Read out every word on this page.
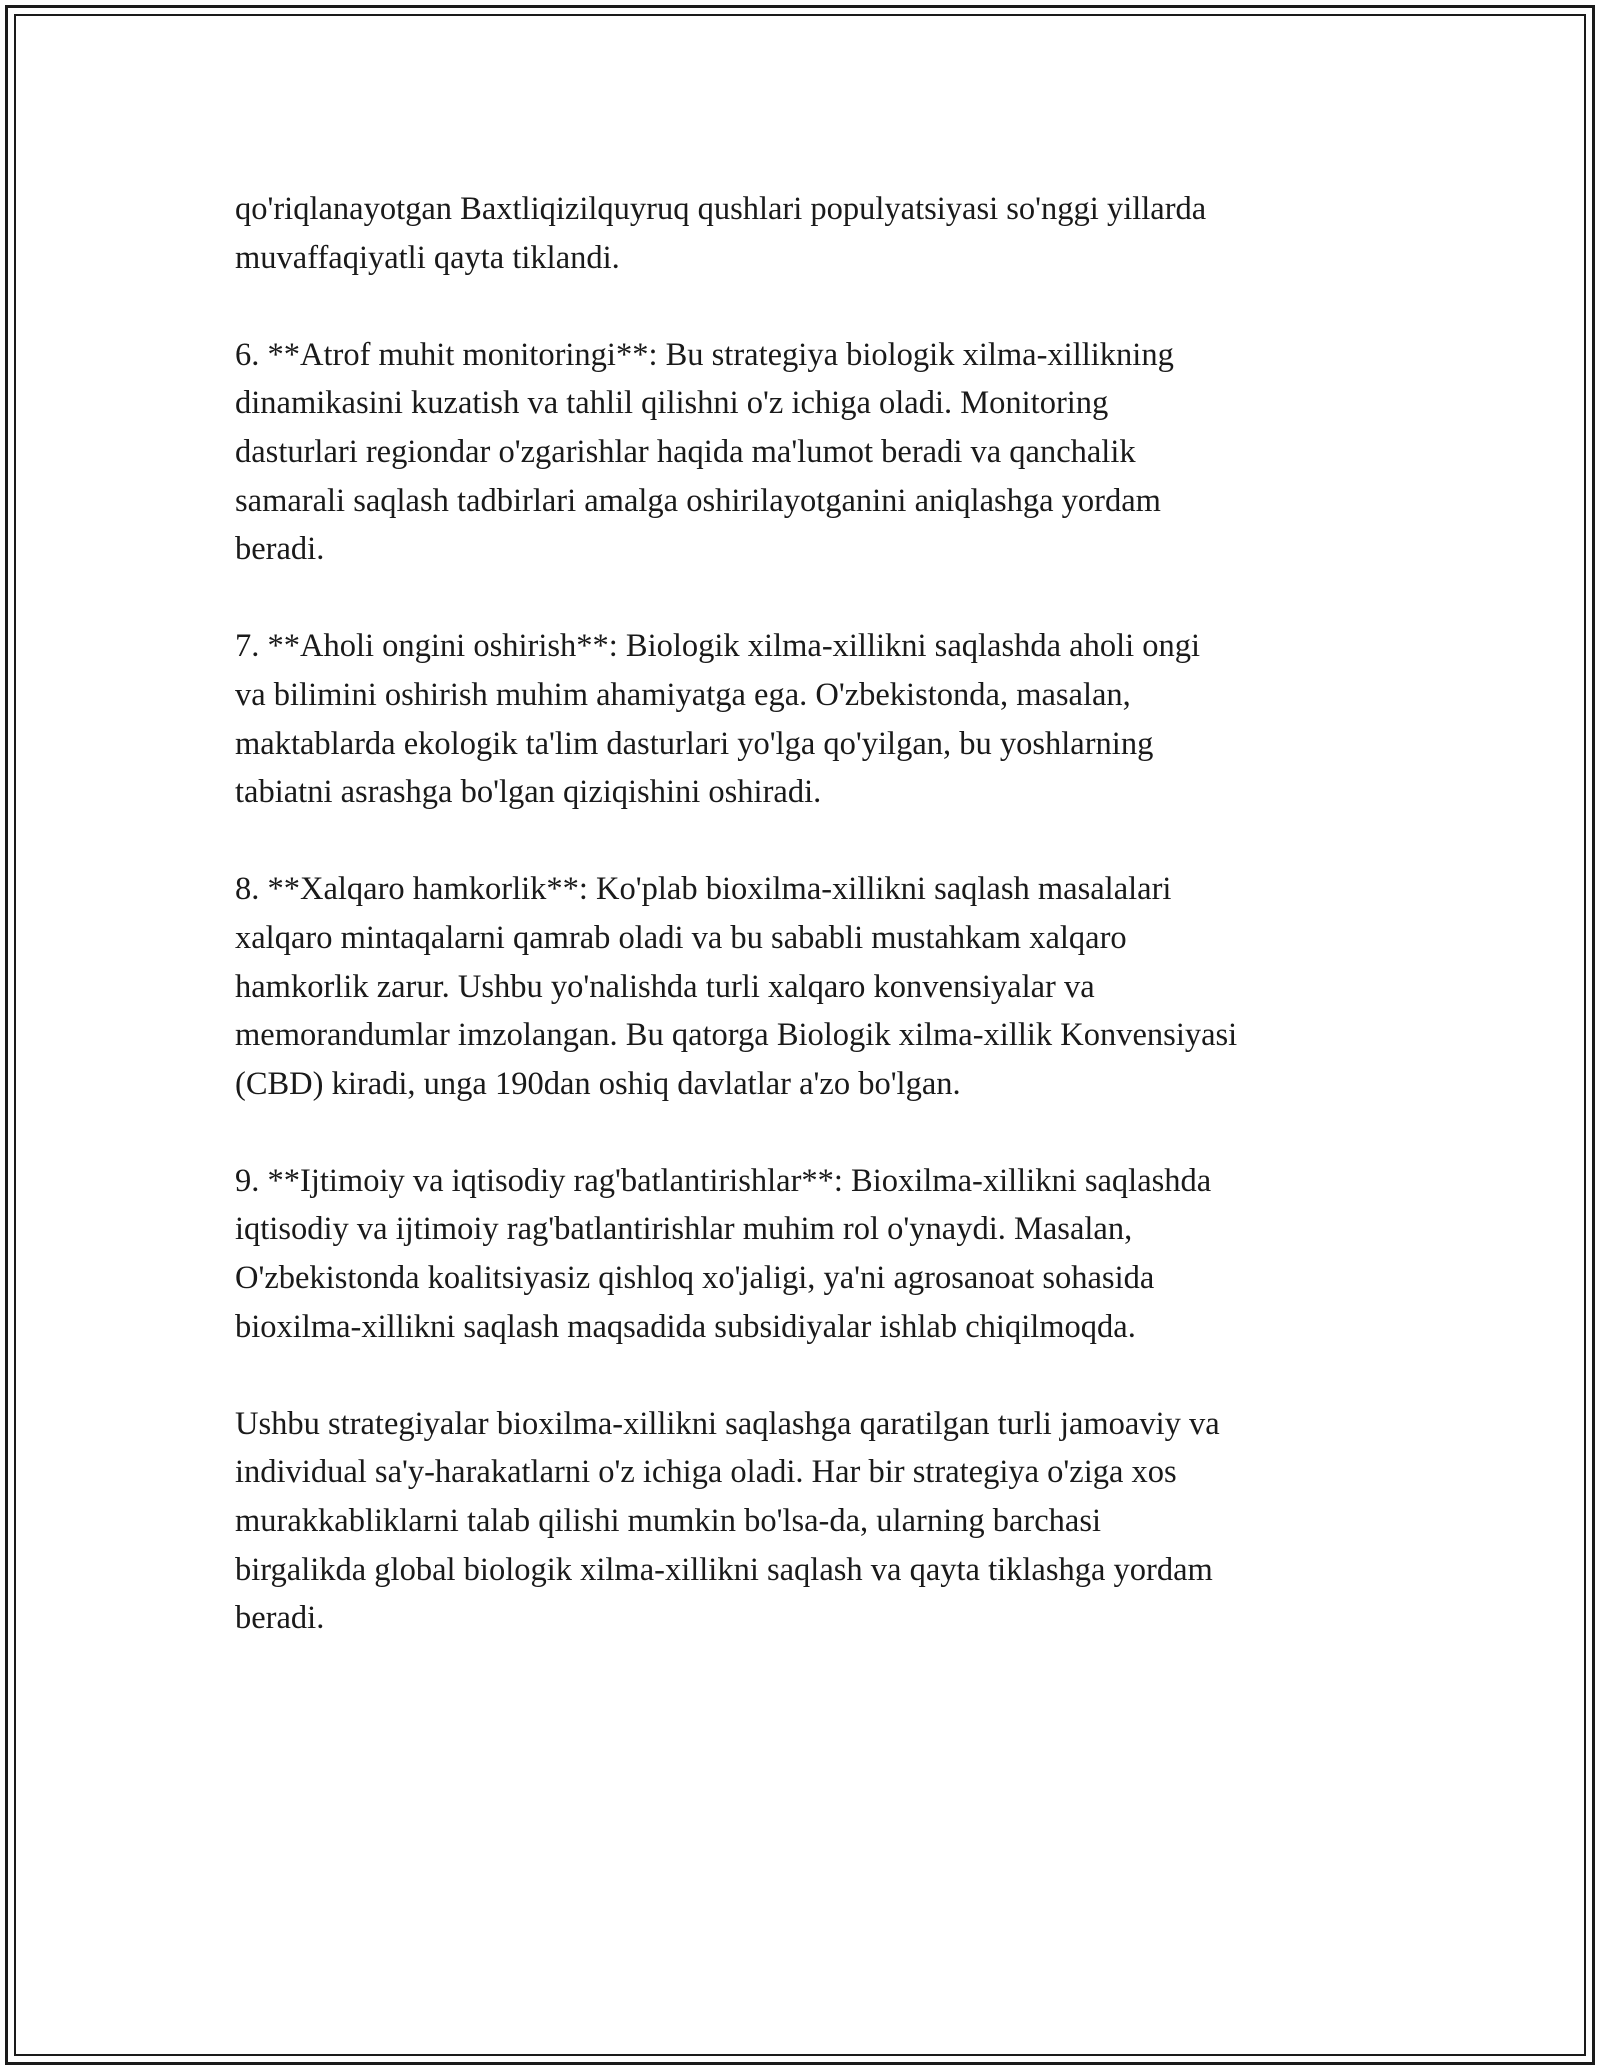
qo'riqlanayotgan Baxtliqizilquyruq qushlari populyatsiyasi so'nggi yillarda
muvaffaqiyatli qayta tiklandi.

6. **Atrof muhit monitoringi**: Bu strategiya biologik xilma-xillikning
dinamikasini kuzatish va tahlil qilishni o'z ichiga oladi. Monitoring
dasturlari regiondar o'zgarishlar haqida ma'lumot beradi va qanchalik
samarali saqlash tadbirlari amalga oshirilayotganini aniqlashga yordam
beradi.

7. **Aholi ongini oshirish**: Biologik xilma-xillikni saqlashda aholi ongi
va bilimini oshirish muhim ahamiyatga ega. O'zbekistonda, masalan,
maktablarda ekologik ta'lim dasturlari yo'lga qo'yilgan, bu yoshlarning
tabiatni asrashga bo'lgan qiziqishini oshiradi.

8. **Xalqaro hamkorlik**: Ko'plab bioxilma-xillikni saqlash masalalari
xalqaro mintaqalarni qamrab oladi va bu sababli mustahkam xalqaro
hamkorlik zarur. Ushbu yo'nalishda turli xalqaro konvensiyalar va
memorandumlar imzolangan. Bu qatorga Biologik xilma-xillik Konvensiyasi
(CBD) kiradi, unga 190dan oshiq davlatlar a'zo bo'lgan.

9. **Ijtimoiy va iqtisodiy rag'batlantirishlar**: Bioxilma-xillikni saqlashda
iqtisodiy va ijtimoiy rag'batlantirishlar muhim rol o'ynaydi. Masalan,
O'zbekistonda koalitsiyasiz qishloq xo'jaligi, ya'ni agrosanoat sohasida
bioxilma-xillikni saqlash maqsadida subsidiyalar ishlab chiqilmoqda.

Ushbu strategiyalar bioxilma-xillikni saqlashga qaratilgan turli jamoaviy va
individual sa'y-harakatlarni o'z ichiga oladi. Har bir strategiya o'ziga xos
murakkabliklarni talab qilishi mumkin bo'lsa-da, ularning barchasi
birgalikda global biologik xilma-xillikni saqlash va qayta tiklashga yordam
beradi.
